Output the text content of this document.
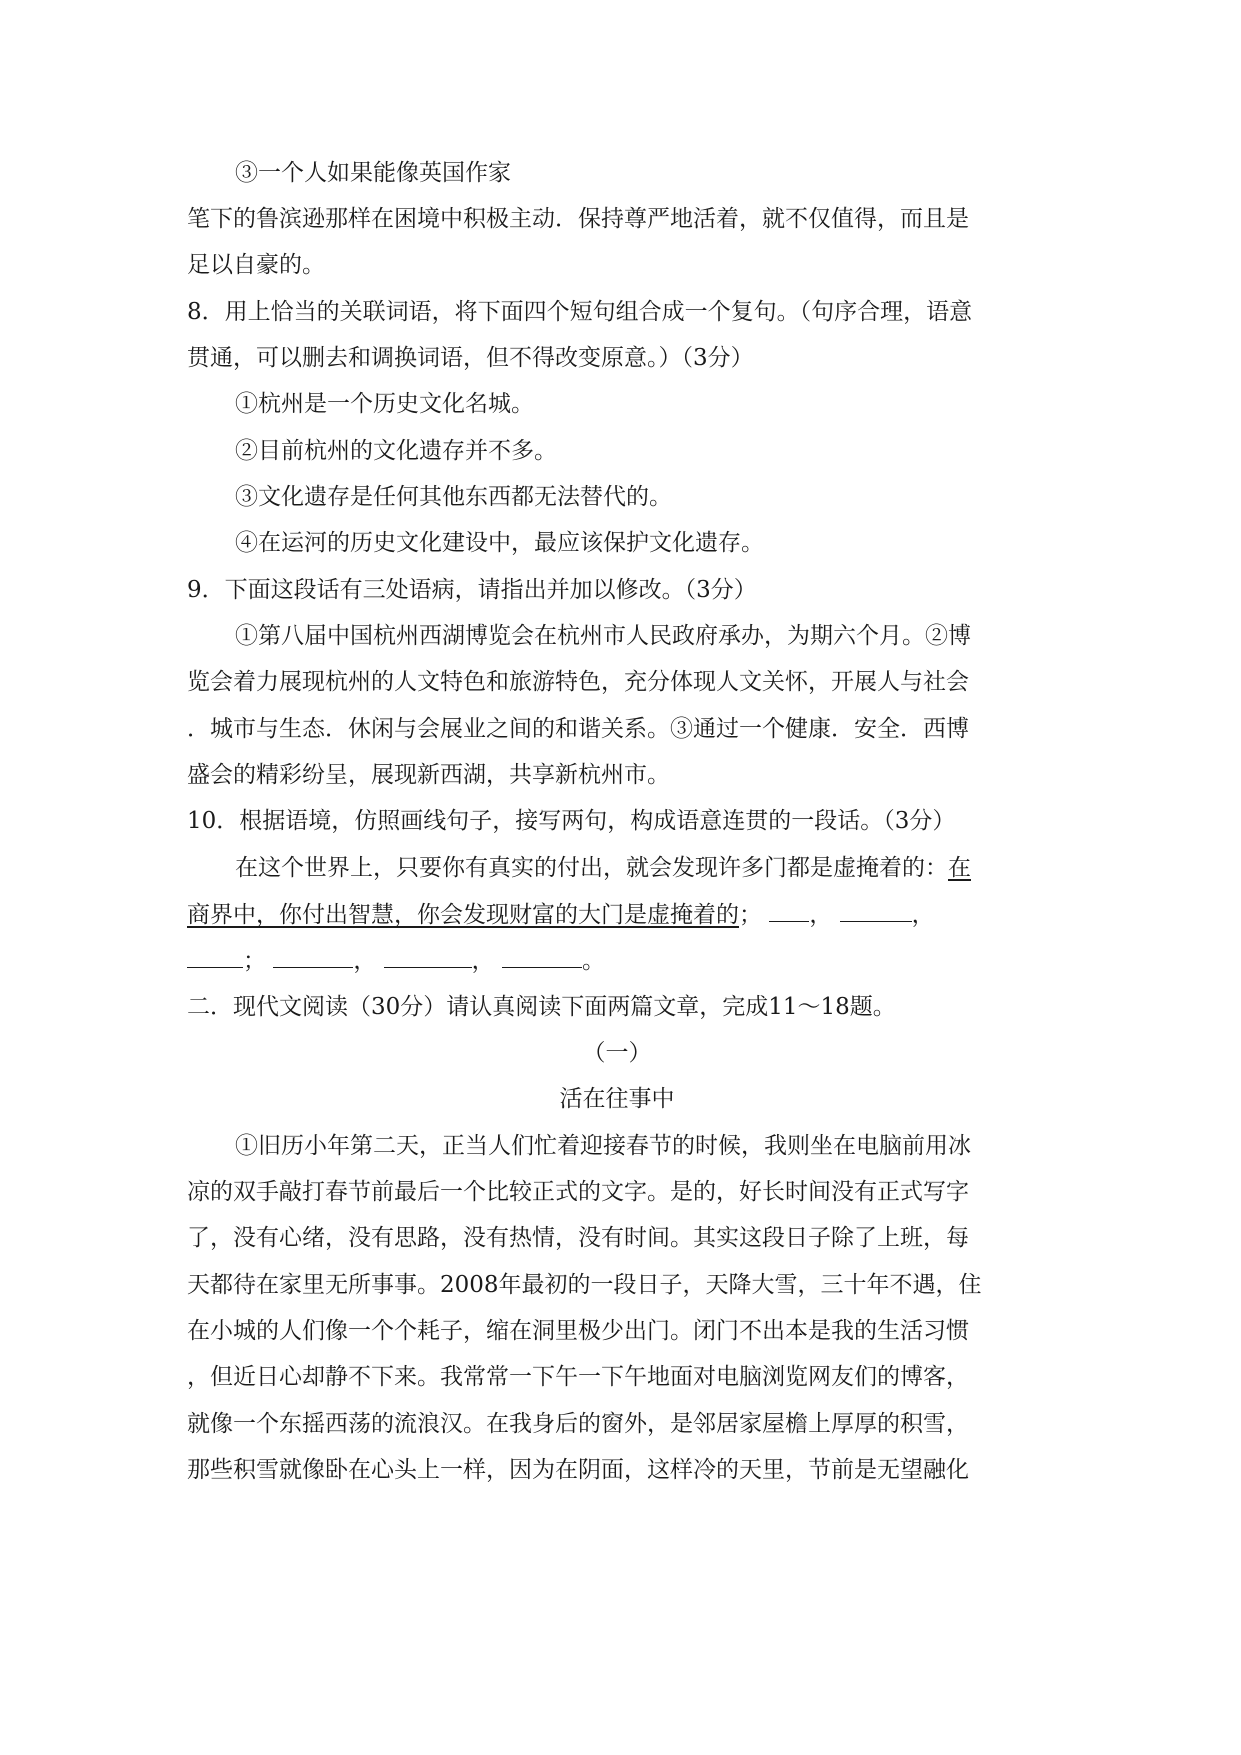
③一个人如果能像英国作家
笔下的鲁滨逊那样在困境中积极主动．保持尊严地活着，就不仅值得，而且是
足以自豪的。
8．用上恰当的关联词语，将下面四个短句组合成一个复句。（句序合理，语意
贯通，可以删去和调换词语，但不得改变原意。）（3分）
①杭州是一个历史文化名城。
②目前杭州的文化遗存并不多。
③文化遗存是任何其他东西都无法替代的。
④在运河的历史文化建设中，最应该保护文化遗存。
9．下面这段话有三处语病，请指出并加以修改。（3分）
①第八届中国杭州西湖博览会在杭州市人民政府承办，为期六个月。②博
览会着力展现杭州的人文特色和旅游特色，充分体现人文关怀，开展人与社会
．城市与生态．休闲与会展业之间的和谐关系。③通过一个健康．安全．西博
盛会的精彩纷呈，展现新西湖，共享新杭州市。
10．根据语境，仿照画线句子，接写两句，构成语意连贯的一段话。（3分）
在这个世界上，只要你有真实的付出，就会发现许多门都是虚掩着的：在
商界中，你付出智慧，你会发现财富的大门是虚掩着的； ，	，
；	，	，	。
二．现代文阅读（30分）请认真阅读下面两篇文章，完成11～18题。
（一）
活在往事中
①旧历小年第二天，正当人们忙着迎接春节的时候，我则坐在电脑前用冰
凉的双手敲打春节前最后一个比较正式的文字。是的，好长时间没有正式写字
了，没有心绪，没有思路，没有热情，没有时间。其实这段日子除了上班，每
天都待在家里无所事事。2008年最初的一段日子，天降大雪，三十年不遇，住
在小城的人们像一个个耗子，缩在洞里极少出门。闭门不出本是我的生活习惯
，但近日心却静不下来。我常常一下午一下午地面对电脑浏览网友们的博客，
就像一个东摇西荡的流浪汉。在我身后的窗外，是邻居家屋檐上厚厚的积雪，
那些积雪就像卧在心头上一样，因为在阴面，这样冷的天里，节前是无望融化
